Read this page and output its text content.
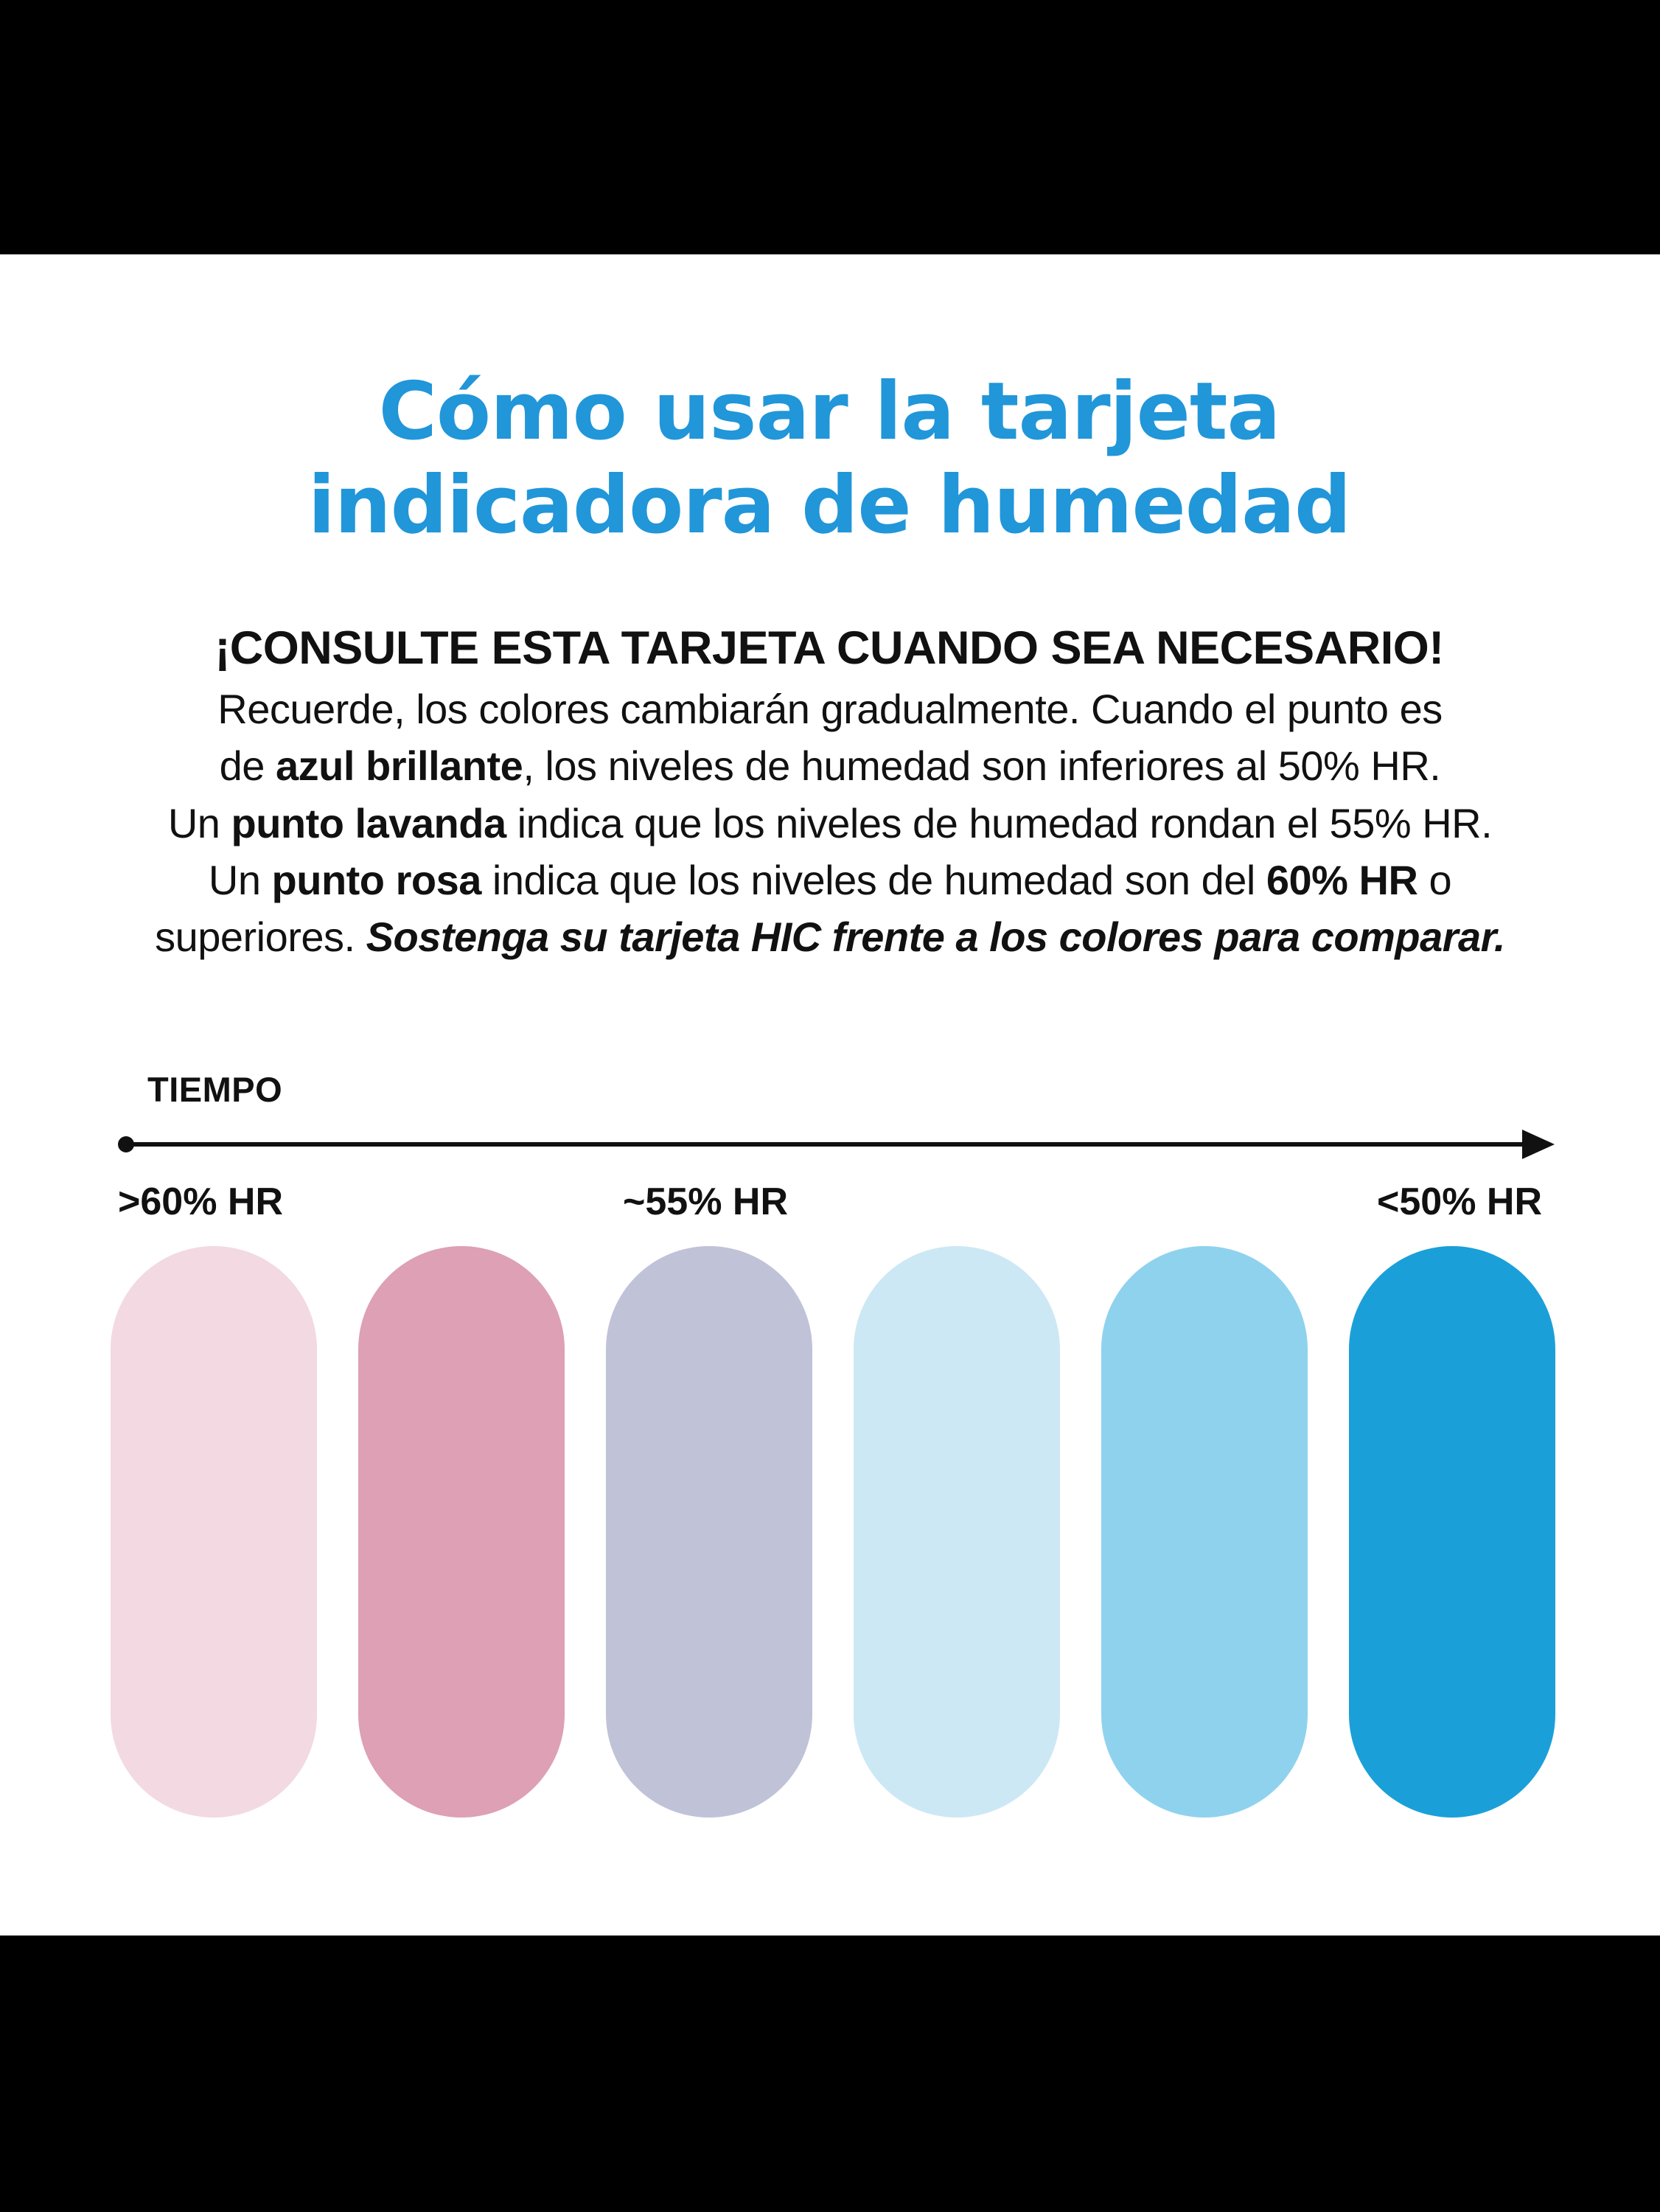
Cómo usar la tarjeta
indicadora de humedad
¡CONSULTE ESTA TARJETA CUANDO SEA NECESARIO!
Recuerde, los colores cambiarán gradualmente. Cuando el punto es
de azul brillante, los niveles de humedad son inferiores al 50% HR.
Un punto lavanda indica que los niveles de humedad rondan el 55% HR.
Un punto rosa indica que los niveles de humedad son del 60% HR o
superiores. Sostenga su tarjeta HIC frente a los colores para comparar.
TIEMPO
>60% HR	~55% HR	<50% HR
